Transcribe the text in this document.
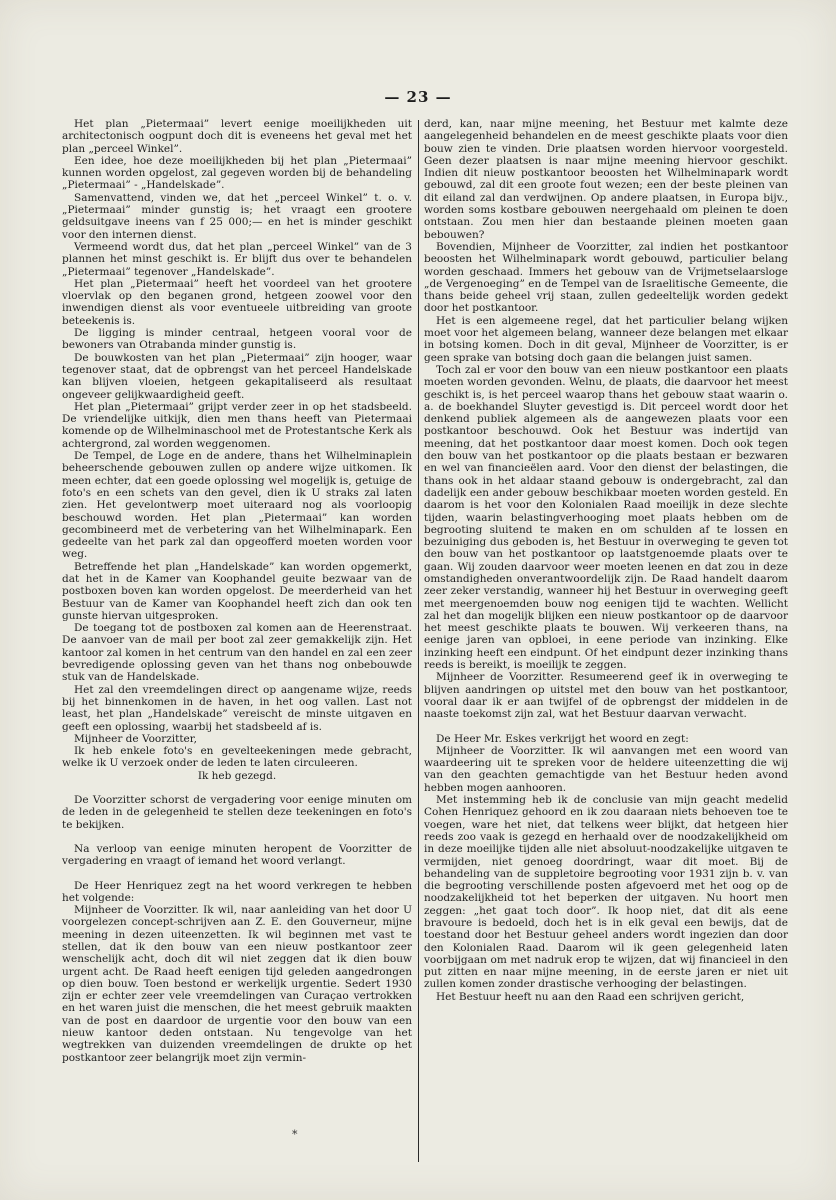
— 23 —

Het plan „Pietermaai” levert eenige moeilijkheden uit architectonisch oogpunt doch dit is eveneens het geval met het plan „perceel Winkel”.

Een idee, hoe deze moeilijkheden bij het plan „Pietermaai” kunnen worden opgelost, zal gegeven worden bij de behandeling „Pietermaai” - „Handelskade”.

Samenvattend, vinden we, dat het „perceel Winkel” t. o. v. „Pietermaai” minder gunstig is; het vraagt een grootere geldsuitgave ineens van f 25 000;— en het is minder geschikt voor den internen dienst.

Vermeend wordt dus, dat het plan „perceel Winkel” van de 3 plannen het minst geschikt is. Er blijft dus over te behandelen „Pietermaai” tegenover „Handelskade”.

Het plan „Pietermaai” heeft het voordeel van het grootere vloervlak op den beganen grond, hetgeen zoowel voor den inwendigen dienst als voor eventueele uitbreiding van groote beteekenis is.

De ligging is minder centraal, hetgeen vooral voor de bewoners van Otrabanda minder gunstig is.

De bouwkosten van het plan „Pietermaai” zijn hooger, waar tegenover staat, dat de opbrengst van het perceel Handelskade kan blijven vloeien, hetgeen gekapitaliseerd als resultaat ongeveer gelijkwaardigheid geeft.

Het plan „Pietermaai” grijpt verder zeer in op het stadsbeeld. De vriendelijke uitkijk, dien men thans heeft van Pietermaai komende op de Wilhelminaschool met de Protestantsche Kerk als achtergrond, zal worden weggenomen.

De Tempel, de Loge en de andere, thans het Wilhelminaplein beheerschende gebouwen zullen op andere wijze uitkomen. Ik meen echter, dat een goede oplossing wel mogelijk is, getuige de foto's en een schets van den gevel, dien ik U straks zal laten zien. Het gevelontwerp moet uiteraard nog als voorloopig beschouwd worden. Het plan „Pietermaai” kan worden gecombineerd met de verbetering van het Wilhelminapark. Een gedeelte van het park zal dan opgeofferd moeten worden voor weg.

Betreffende het plan „Handelskade” kan worden opgemerkt, dat het in de Kamer van Koophandel geuite bezwaar van de postboxen boven kan worden opgelost. De meerderheid van het Bestuur van de Kamer van Koophandel heeft zich dan ook ten gunste hiervan uitgesproken.

De toegang tot de postboxen zal komen aan de Heerenstraat. De aanvoer van de mail per boot zal zeer gemakkelijk zijn. Het kantoor zal komen in het centrum van den handel en zal een zeer bevredigende oplossing geven van het thans nog onbebouwde stuk van de Handelskade.

Het zal den vreemdelingen direct op aangename wijze, reeds bij het binnenkomen in de haven, in het oog vallen. Last not least, het plan „Handelskade” vereischt de minste uitgaven en geeft een oplossing, waarbij het stadsbeeld af is.

Mijnheer de Voorzitter,

Ik heb enkele foto's en gevelteekeningen mede gebracht, welke ik U verzoek onder de leden te laten circuleeren.

Ik heb gezegd.

De Voorzitter schorst de vergadering voor eenige minuten om de leden in de gelegenheid te stellen deze teekeningen en foto's te bekijken.

Na verloop van eenige minuten heropent de Voorzitter de vergadering en vraagt of iemand het woord verlangt.

De Heer Henriquez zegt na het woord verkregen te hebben het volgende:

Mijnheer de Voorzitter. Ik wil, naar aanleiding van het door U voorgelezen concept-schrijven aan Z. E. den Gouverneur, mijne meening in dezen uiteenzetten. Ik wil beginnen met vast te stellen, dat ik den bouw van een nieuw postkantoor zeer wenschelijk acht, doch dit wil niet zeggen dat ik dien bouw urgent acht. De Raad heeft eenigen tijd geleden aangedrongen op dien bouw. Toen bestond er werkelijk urgentie. Sedert 1930 zijn er echter zeer vele vreemdelingen van Curaçao vertrokken en het waren juist die menschen, die het meest gebruik maakten van de post en daardoor de urgentie voor den bouw van een nieuw kantoor deden ontstaan. Nu tengevolge van het wegtrekken van duizenden vreemdelingen de drukte op het postkantoor zeer belangrijk moet zijn vermin-

derd, kan, naar mijne meening, het Bestuur met kalmte deze aangelegenheid behandelen en de meest geschikte plaats voor dien bouw zien te vinden. Drie plaatsen worden hiervoor voorgesteld. Geen dezer plaatsen is naar mijne meening hiervoor geschikt. Indien dit nieuw postkantoor beoosten het Wilhelminapark wordt gebouwd, zal dit een groote fout wezen; een der beste pleinen van dit eiland zal dan verdwijnen. Op andere plaatsen, in Europa bijv., worden soms kostbare gebouwen neergehaald om pleinen te doen ontstaan. Zou men hier dan bestaande pleinen moeten gaan bebouwen?

Bovendien, Mijnheer de Voorzitter, zal indien het postkantoor beoosten het Wilhelminapark wordt gebouwd, particulier belang worden geschaad. Immers het gebouw van de Vrijmetselaarsloge „de Vergenoeging” en de Tempel van de Israelitische Gemeente, die thans beide geheel vrij staan, zullen gedeeltelijk worden gedekt door het postkantoor.

Het is een algemeene regel, dat het particulier belang wijken moet voor het algemeen belang, wanneer deze belangen met elkaar in botsing komen. Doch in dit geval, Mijnheer de Voorzitter, is er geen sprake van botsing doch gaan die belangen juist samen.

Toch zal er voor den bouw van een nieuw postkantoor een plaats moeten worden gevonden. Welnu, de plaats, die daarvoor het meest geschikt is, is het perceel waarop thans het gebouw staat waarin o. a. de boekhandel Sluyter gevestigd is. Dit perceel wordt door het denkend publiek algemeen als de aangewezen plaats voor een postkantoor beschouwd. Ook het Bestuur was indertijd van meening, dat het postkantoor daar moest komen. Doch ook tegen den bouw van het postkantoor op die plaats bestaan er bezwaren en wel van financieëlen aard. Voor den dienst der belastingen, die thans ook in het aldaar staand gebouw is ondergebracht, zal dan dadelijk een ander gebouw beschikbaar moeten worden gesteld. En daarom is het voor den Kolonialen Raad moeilijk in deze slechte tijden, waarin belastingverhooging moet plaats hebben om de begrooting sluitend te maken en om schulden af te lossen en bezuiniging dus geboden is, het Bestuur in overweging te geven tot den bouw van het postkantoor op laatstgenoemde plaats over te gaan. Wij zouden daarvoor weer moeten leenen en dat zou in deze omstandigheden onverantwoordelijk zijn. De Raad handelt daarom zeer zeker verstandig, wanneer hij het Bestuur in overweging geeft met meergenoemden bouw nog eenigen tijd te wachten. Wellicht zal het dan mogelijk blijken een nieuw postkantoor op de daarvoor het meest geschikte plaats te bouwen. Wij verkeeren thans, na eenige jaren van opbloei, in eene periode van inzinking. Elke inzinking heeft een eindpunt. Of het eindpunt dezer inzinking thans reeds is bereikt, is moeilijk te zeggen.

Mijnheer de Voorzitter. Resumeerend geef ik in overweging te blijven aandringen op uitstel met den bouw van het postkantoor, vooral daar ik er aan twijfel of de opbrengst der middelen in de naaste toekomst zijn zal, wat het Bestuur daarvan verwacht.

De Heer Mr. Eskes verkrijgt het woord en zegt:

Mijnheer de Voorzitter. Ik wil aanvangen met een woord van waardeering uit te spreken voor de heldere uiteenzetting die wij van den geachten gemachtigde van het Bestuur heden avond hebben mogen aanhooren.

Met instemming heb ik de conclusie van mijn geacht medelid Cohen Henriquez gehoord en ik zou daaraan niets behoeven toe te voegen, ware het niet, dat telkens weer blijkt, dat hetgeen hier reeds zoo vaak is gezegd en herhaald over de noodzakelijkheid om in deze moeilijke tijden alle niet absoluut-noodzakelijke uitgaven te vermijden, niet genoeg doordringt, waar dit moet. Bij de behandeling van de suppletoire begrooting voor 1931 zijn b. v. van die begrooting verschillende posten afgevoerd met het oog op de noodzakelijkheid tot het beperken der uitgaven. Nu hoort men zeggen: „het gaat toch door”. Ik hoop niet, dat dit als eene bravoure is bedoeld, doch het is in elk geval een bewijs, dat de toestand door het Bestuur geheel anders wordt ingezien dan door den Kolonialen Raad. Daarom wil ik geen gelegenheid laten voorbijgaan om met nadruk erop te wijzen, dat wij financieel in den put zitten en naar mijne meening, in de eerste jaren er niet uit zullen komen zonder drastische verhooging der belastingen.

Het Bestuur heeft nu aan den Raad een schrijven gericht,

*
